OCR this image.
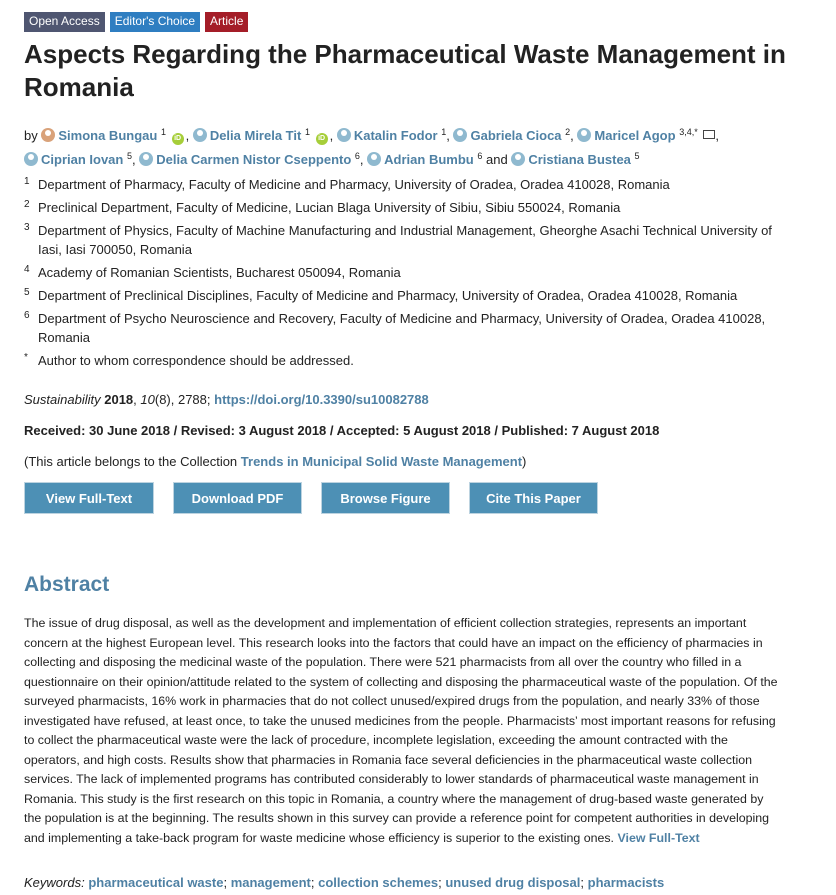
Open Access	Editor's Choice	Article
Aspects Regarding the Pharmaceutical Waste Management in Romania
by Simona Bungau $^1$ iD , Delia Mirela Tit $^1$ iD , Katalin Fodor $^1$, Gabriela Cioca $^2$, Maricel Agop $^{3,4,*}$ ,
Ciprian Iovan $^5$, Delia Carmen Nistor Cseppento $^6$, Adrian Bumbu $^6$ and Cristiana Bustea $^5$
1 Department of Pharmacy, Faculty of Medicine and Pharmacy, University of Oradea, Oradea 410028, Romania
2 Preclinical Department, Faculty of Medicine, Lucian Blaga University of Sibiu, Sibiu 550024, Romania
3 Department of Physics, Faculty of Machine Manufacturing and Industrial Management, Gheorghe Asachi Technical University of Iasi, Iasi 700050, Romania
4 Academy of Romanian Scientists, Bucharest 050094, Romania
5 Department of Preclinical Disciplines, Faculty of Medicine and Pharmacy, University of Oradea, Oradea 410028, Romania
6 Department of Psycho Neuroscience and Recovery, Faculty of Medicine and Pharmacy, University of Oradea, Oradea 410028, Romania
* Author to whom correspondence should be addressed.
Sustainability 2018, 10(8), 2788; https://doi.org/10.3390/su10082788
Received: 30 June 2018 / Revised: 3 August 2018 / Accepted: 5 August 2018 / Published: 7 August 2018
(This article belongs to the Collection Trends in Municipal Solid Waste Management)
View Full-Text	Download PDF	Browse Figure	Cite This Paper
Abstract
The issue of drug disposal, as well as the development and implementation of efficient collection strategies, represents an important concern at the highest European level. This research looks into the factors that could have an impact on the efficiency of pharmacies in collecting and disposing the medicinal waste of the population. There were 521 pharmacists from all over the country who filled in a questionnaire on their opinion/attitude related to the system of collecting and disposing the pharmaceutical waste of the population. Of the surveyed pharmacists, 16% work in pharmacies that do not collect unused/expired drugs from the population, and nearly 33% of those investigated have refused, at least once, to take the unused medicines from the people. Pharmacists’ most important reasons for refusing to collect the pharmaceutical waste were the lack of procedure, incomplete legislation, exceeding the amount contracted with the operators, and high costs. Results show that pharmacies in Romania face several deficiencies in the pharmaceutical waste collection services. The lack of implemented programs has contributed considerably to lower standards of pharmaceutical waste management in Romania. This study is the first research on this topic in Romania, a country where the management of drug-based waste generated by the population is at the beginning. The results shown in this survey can provide a reference point for competent authorities in developing and implementing a take-back program for waste medicine whose efficiency is superior to the existing ones. View Full-Text
Keywords: pharmaceutical waste; management; collection schemes; unused drug disposal; pharmacists
